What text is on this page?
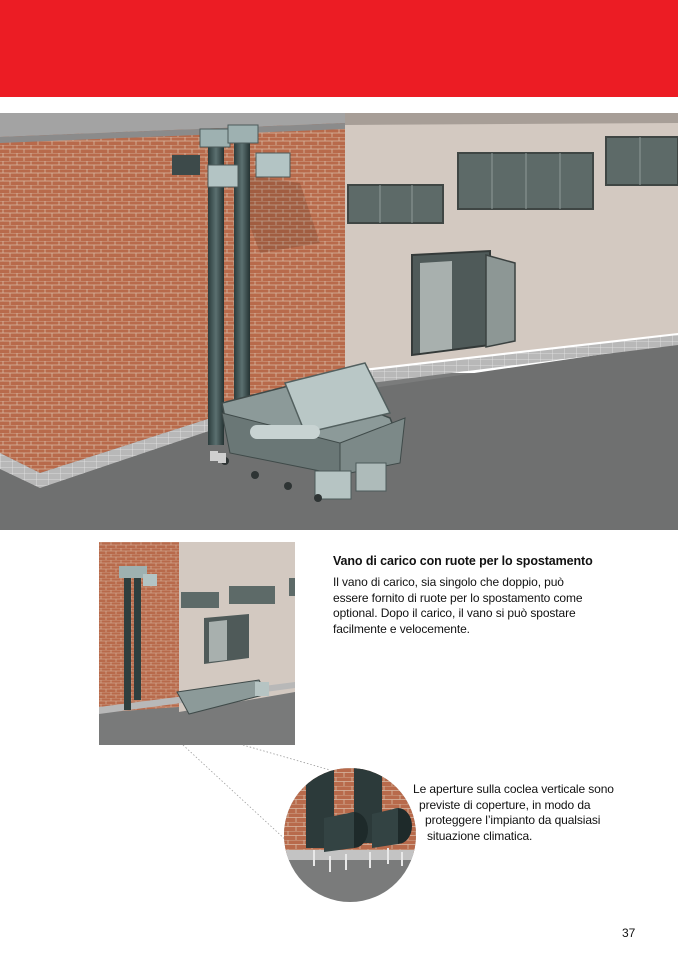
Vano di carico con ruote per lo spostamento
Il vano di carico, sia singolo che doppio, può essere fornito di ruote per lo spostamento come optional. Dopo il carico, il vano si può spostare facilmente e velocemente.
Le aperture sulla coclea verticale sono
previste di coperture, in modo da
proteggere l’impianto da qualsiasi
situazione climatica.
37
